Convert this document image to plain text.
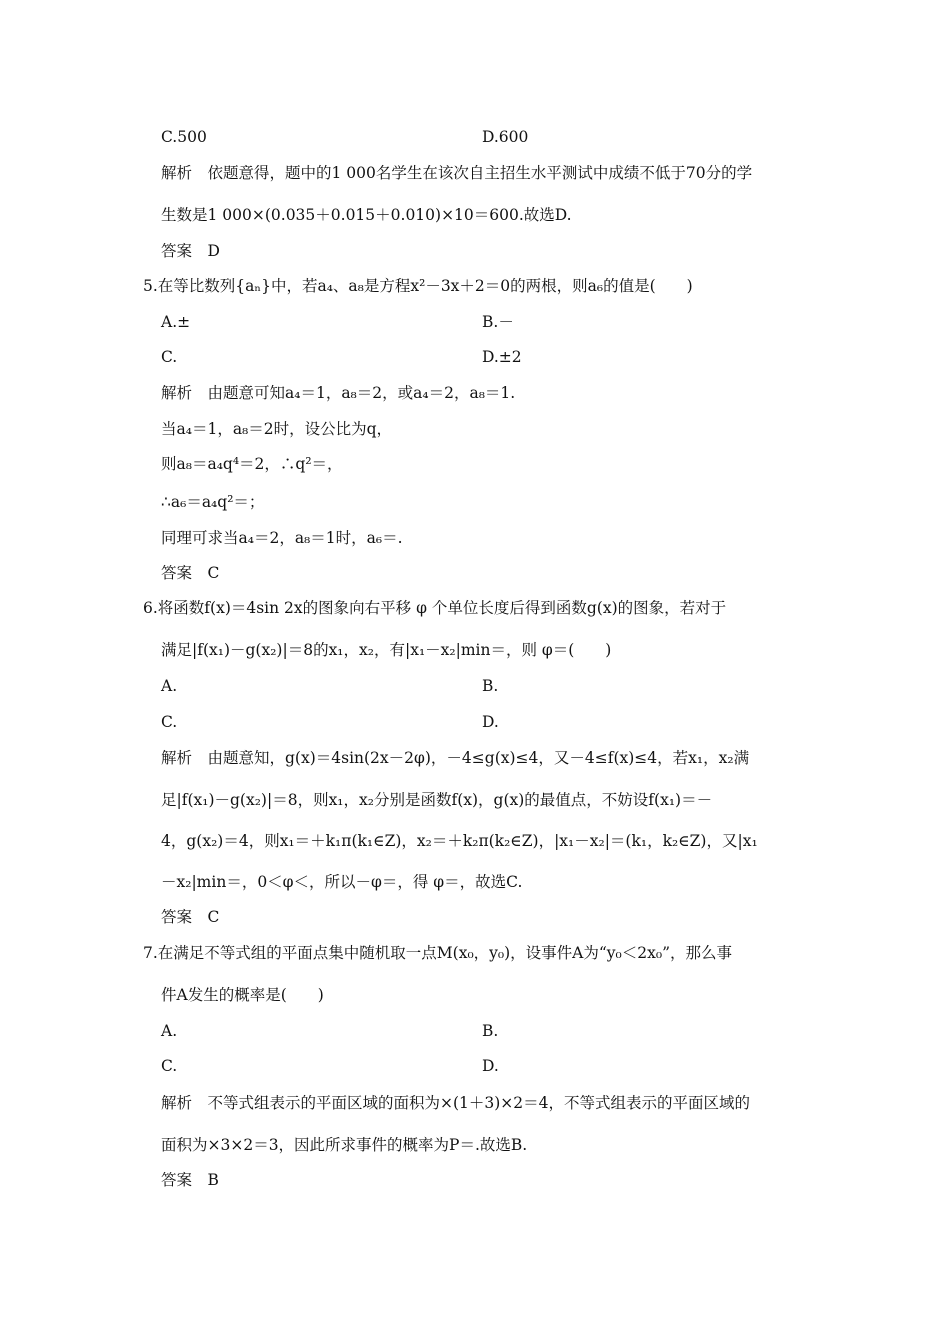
C.500	D.600
解析　依题意得，题中的1 000名学生在该次自主招生水平测试中成绩不低于70分的学
生数是1 000×(0.035＋0.015＋0.010)×10＝600.故选D.
答案　D
5.在等比数列{aₙ}中，若a₄、a₈是方程x²－3x＋2＝0的两根，则a₆的值是(　　)
A.±	B.－
C.	D.±2
解析　由题意可知a₄＝1，a₈＝2，或a₄＝2，a₈＝1.
当a₄＝1，a₈＝2时，设公比为q，
则a₈＝a₄q⁴＝2，∴q²＝，
∴a₆＝a₄q²＝；
同理可求当a₄＝2，a₈＝1时，a₆＝.
答案　C
6.将函数f(x)＝4sin 2x的图象向右平移 φ 个单位长度后得到函数g(x)的图象，若对于
满足|f(x₁)－g(x₂)|＝8的x₁，x₂，有|x₁－x₂|min＝，则 φ＝(　　)
A.	B.
C.	D.
解析　由题意知，g(x)＝4sin(2x－2φ)，－4≤g(x)≤4，又－4≤f(x)≤4，若x₁，x₂满
足|f(x₁)－g(x₂)|＝8，则x₁，x₂分别是函数f(x)，g(x)的最值点，不妨设f(x₁)＝－
4，g(x₂)＝4，则x₁＝＋k₁π(k₁∈Z)，x₂＝＋k₂π(k₂∈Z)，|x₁－x₂|＝(k₁，k₂∈Z)，又|x₁
－x₂|min＝，0＜φ＜，所以－φ＝，得 φ＝，故选C.
答案　C
7.在满足不等式组的平面点集中随机取一点M(x₀，y₀)，设事件A为“y₀＜2x₀”，那么事
件A发生的概率是(　　)
A.	B.
C.	D.
解析　不等式组表示的平面区域的面积为×(1＋3)×2＝4，不等式组表示的平面区域的
面积为×3×2＝3，因此所求事件的概率为P＝.故选B.
答案　B
